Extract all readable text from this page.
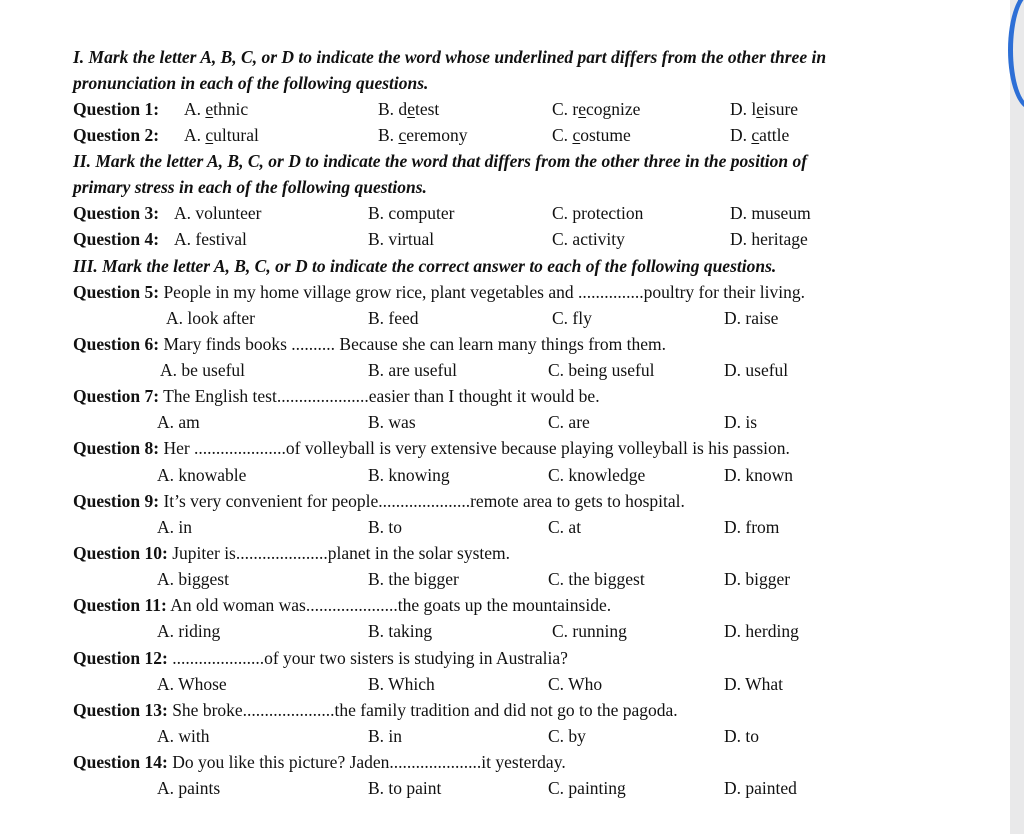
I. Mark the letter A, B, C, or D to indicate the word whose underlined part differs from the other three in
pronunciation in each of the following questions.
Question 1: A. ethnic	B. detest	C. recognize	D. leisure
Question 2: A. cultural	B. ceremony	C. costume	D. cattle
II. Mark the letter A, B, C, or D to indicate the word that differs from the other three in the position of
primary stress in each of the following questions.
Question 3: A. volunteer	B. computer	C. protection	D. museum
Question 4: A. festival	B. virtual	C. activity	D. heritage
III. Mark the letter A, B, C, or D to indicate the correct answer to each of the following questions.
Question 5: People in my home village grow rice, plant vegetables and ...............poultry for their living.
A. look after	B. feed	C. fly	D. raise
Question 6: Mary finds books .......... Because she can learn many things from them.
A. be useful	B. are useful	C. being useful	D. useful
Question 7: The English test.....................easier than I thought it would be.
A. am	B. was	C. are	D. is
Question 8: Her .....................of volleyball is very extensive because playing volleyball is his passion.
A. knowable	B. knowing	C. knowledge	D. known
Question 9: It’s very convenient for people.....................remote area to gets to hospital.
A. in	B. to	C. at	D. from
Question 10: Jupiter is.....................planet in the solar system.
A. biggest	B. the bigger	C. the biggest	D. bigger
Question 11: An old woman was.....................the goats up the mountainside.
A. riding	B. taking	C. running	D. herding
Question 12: .....................of your two sisters is studying in Australia?
A. Whose	B. Which	C. Who	D. What
Question 13: She broke.....................the family tradition and did not go to the pagoda.
A. with	B. in	C. by	D. to
Question 14: Do you like this picture? Jaden.....................it yesterday.
A. paints	B. to paint	C. painting	D. painted
